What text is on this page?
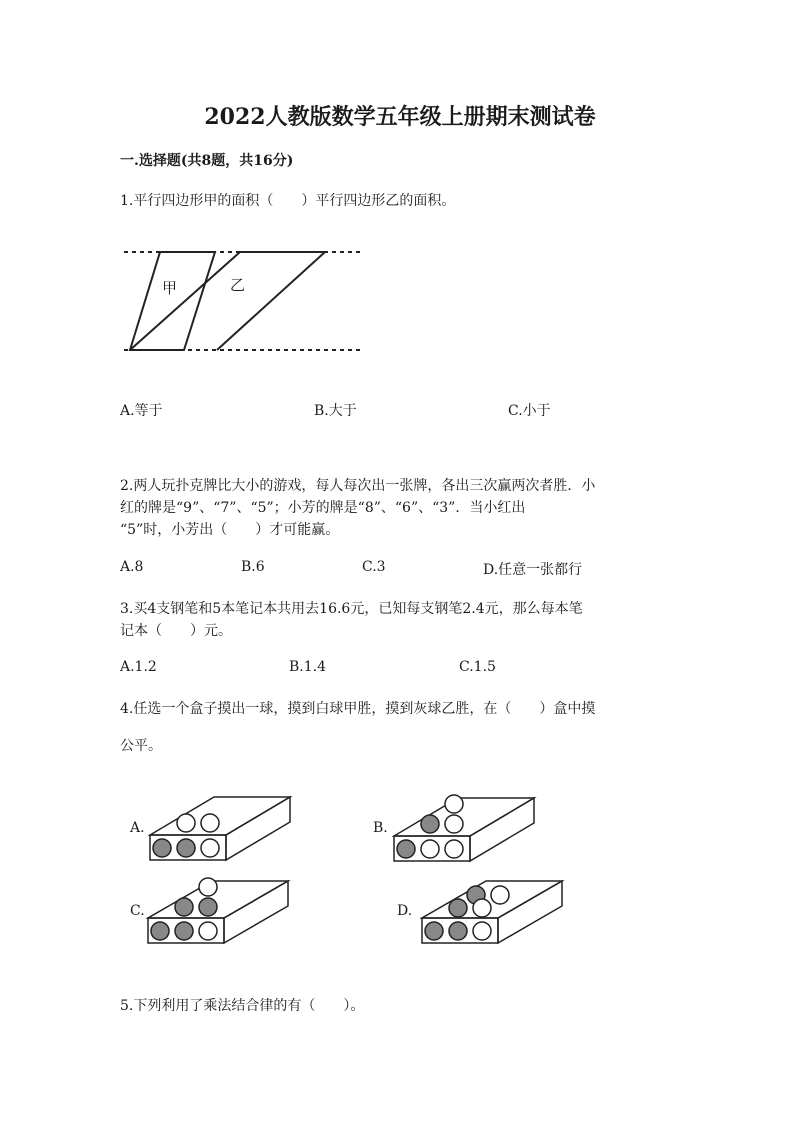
2022人教版数学五年级上册期末测试卷
一.选择题(共8题，共16分)
1.平行四边形甲的面积（　　）平行四边形乙的面积。
甲	乙
A.等于	B.大于	C.小于
2.两人玩扑克牌比大小的游戏，每人每次出一张牌，各出三次赢两次者胜．小
红的牌是“9”、“7”、“5”；小芳的牌是“8”、“6”、“3”．当小红出
“5”时，小芳出（　　）才可能赢。
A.8	B.6	C.3	D.任意一张都行
3.买4支钢笔和5本笔记本共用去16.6元，已知每支钢笔2.4元，那么每本笔
记本（　　）元。
A.1.2	B.1.4	C.1.5
4.任选一个盒子摸出一球，摸到白球甲胜，摸到灰球乙胜，在（　　）盒中摸
公平。
A.	B.
C.	D.
5.下列利用了乘法结合律的有（　　）。
